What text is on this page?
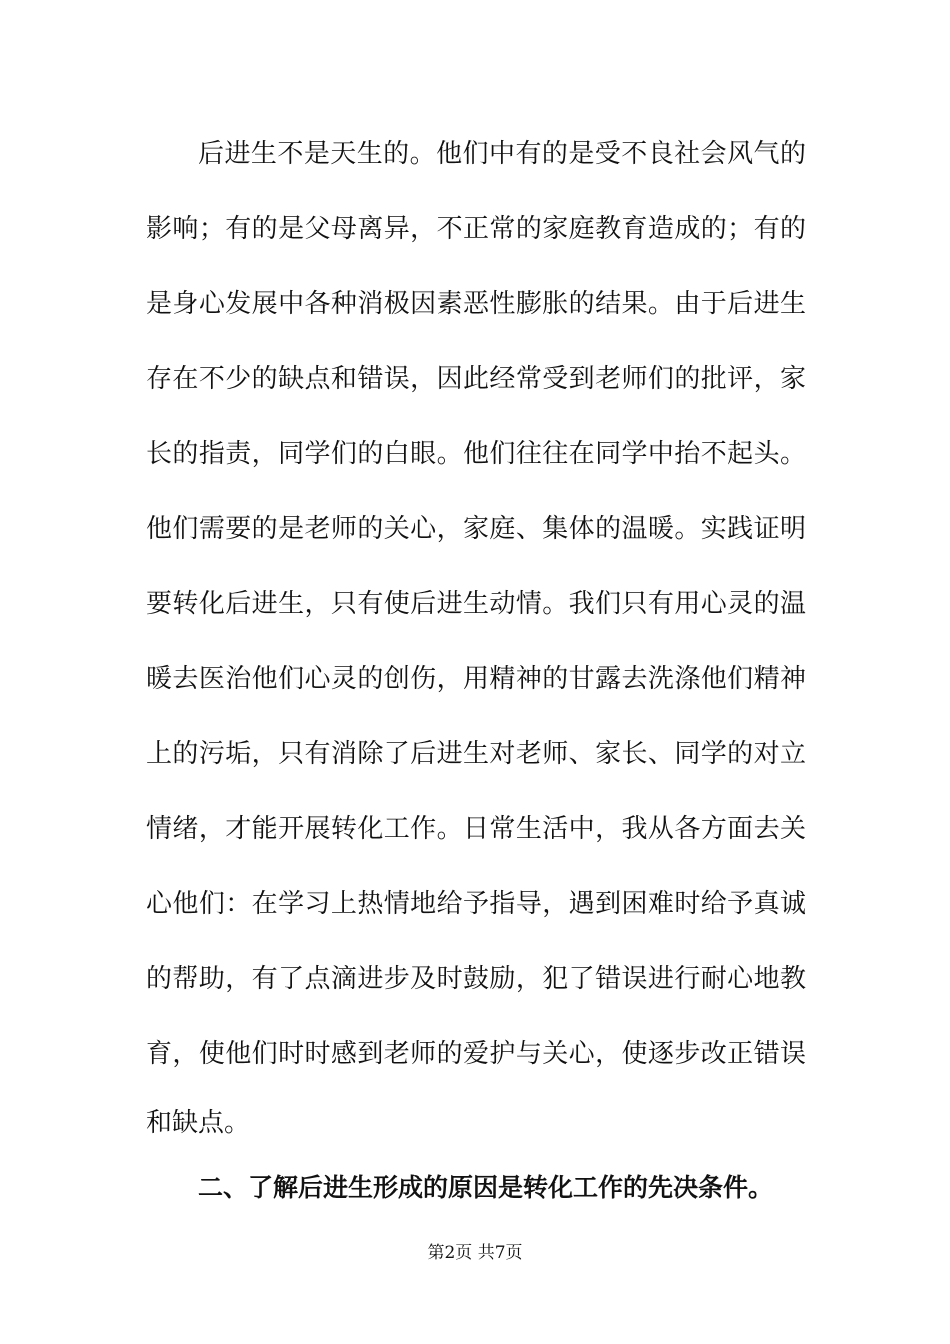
后进生不是天生的。他们中有的是受不良社会风气的
影响；有的是父母离异，不正常的家庭教育造成的；有的
是身心发展中各种消极因素恶性膨胀的结果。由于后进生
存在不少的缺点和错误，因此经常受到老师们的批评，家
长的指责，同学们的白眼。他们往往在同学中抬不起头。
他们需要的是老师的关心，家庭、集体的温暖。实践证明
要转化后进生，只有使后进生动情。我们只有用心灵的温
暖去医治他们心灵的创伤，用精神的甘露去洗涤他们精神
上的污垢，只有消除了后进生对老师、家长、同学的对立
情绪，才能开展转化工作。日常生活中，我从各方面去关
心他们：在学习上热情地给予指导，遇到困难时给予真诚
的帮助，有了点滴进步及时鼓励，犯了错误进行耐心地教
育，使他们时时感到老师的爱护与关心，使逐步改正错误
和缺点。
二、了解后进生形成的原因是转化工作的先决条件。
第2页 共7页
